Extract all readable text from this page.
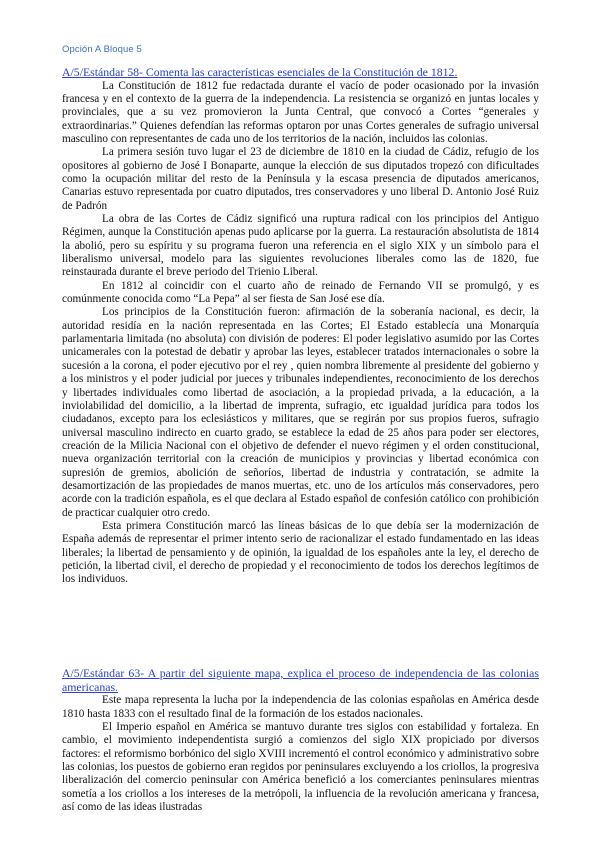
Opción A Bloque 5

A/5/Estándar 58- Comenta las características esenciales de la Constitución de 1812.

La Constitución de 1812 fue redactada durante el vacío de poder ocasionado por la invasión francesa y en el contexto de la guerra de la independencia. La resistencia se organizó en juntas locales y provinciales, que a su vez promovieron la Junta Central, que convocó a Cortes “generales y extraordinarias.” Quienes defendían las reformas optaron por unas Cortes generales de sufragio universal masculino con representantes de cada uno de los territorios de la nación, incluidos las colonias.

La primera sesión tuvo lugar el 23 de diciembre de 1810 en la ciudad de Cádiz, refugio de los opositores al gobierno de José I Bonaparte, aunque la elección de sus diputados tropezó con dificultades como la ocupación militar del resto de la Península y la escasa presencia de diputados americanos, Canarias estuvo representada por cuatro diputados, tres conservadores y uno liberal D. Antonio José Ruiz de Padrón

La obra de las Cortes de Cádiz significó una ruptura radical con los principios del Antiguo Régimen, aunque la Constitución apenas pudo aplicarse por la guerra. La restauración absolutista de 1814 la abolió, pero su espíritu y su programa fueron una referencia en el siglo XIX y un símbolo para el liberalismo universal, modelo para las siguientes revoluciones liberales como las de 1820, fue reinstaurada durante el breve periodo del Trienio Liberal.

En 1812 al coincidir con el cuarto año de reinado de Fernando VII se promulgó, y es comúnmente conocida como “La Pepa” al ser fiesta de San José ese día.

Los principios de la Constitución fueron: afirmación de la soberanía nacional, es decir, la autoridad residía en la nación representada en las Cortes; El Estado establecía una Monarquía parlamentaria limitada (no absoluta) con división de poderes: El poder legislativo asumido por las Cortes unicamerales con la potestad de debatir y aprobar las leyes, establecer tratados internacionales o sobre la sucesión a la corona, el poder ejecutivo por el rey , quien nombra libremente al presidente del gobierno y a los ministros y el poder judicial por jueces y tribunales independientes, reconocimiento de los derechos y libertades individuales como libertad de asociación, a la propiedad privada, a la educación, a la inviolabilidad del domicilio, a la libertad de imprenta, sufragio, etc igualdad jurídica para todos los ciudadanos, excepto para los eclesiásticos y militares, que se regirán por sus propios fueros, sufragio universal masculino indirecto en cuarto grado, se establece la edad de 25 años para poder ser electores, creación de la Milicia Nacional con el objetivo de defender el nuevo régimen y el orden constitucional, nueva organización territorial con la creación de municipios y provincias y libertad económica con supresión de gremios, abolición de señoríos, libertad de industria y contratación, se admite la desamortización de las propiedades de manos muertas, etc. uno de los artículos más conservadores, pero acorde con la tradición española, es el que declara al Estado español de confesión católico con prohibición de practicar cualquier otro credo.

Esta primera Constitución marcó las líneas básicas de lo que debía ser la modernización de España además de representar el primer intento serio de racionalizar el estado fundamentado en las ideas liberales; la libertad de pensamiento y de opinión, la igualdad de los españoles ante la ley, el derecho de petición, la libertad civil, el derecho de propiedad y el reconocimiento de todos los derechos legítimos de los individuos.

A/5/Estándar 63- A partir del siguiente mapa, explica el proceso de independencia de las colonias americanas.

Este mapa representa la lucha por la independencia de las colonias españolas en América desde 1810 hasta 1833 con el resultado final de la formación de los estados nacionales.

El Imperio español en América se mantuvo durante tres siglos con estabilidad y fortaleza. En cambio, el movimiento independentista surgió a comienzos del siglo XIX propiciado por diversos factores: el reformismo borbónico del siglo XVIII incrementó el control económico y administrativo sobre las colonias, los puestos de gobierno eran regidos por peninsulares excluyendo a los criollos, la progresiva liberalización del comercio peninsular con América benefició a los comerciantes peninsulares mientras sometía a los criollos a los intereses de la metrópoli, la influencia de la revolución americana y francesa, así como de las ideas ilustradas
